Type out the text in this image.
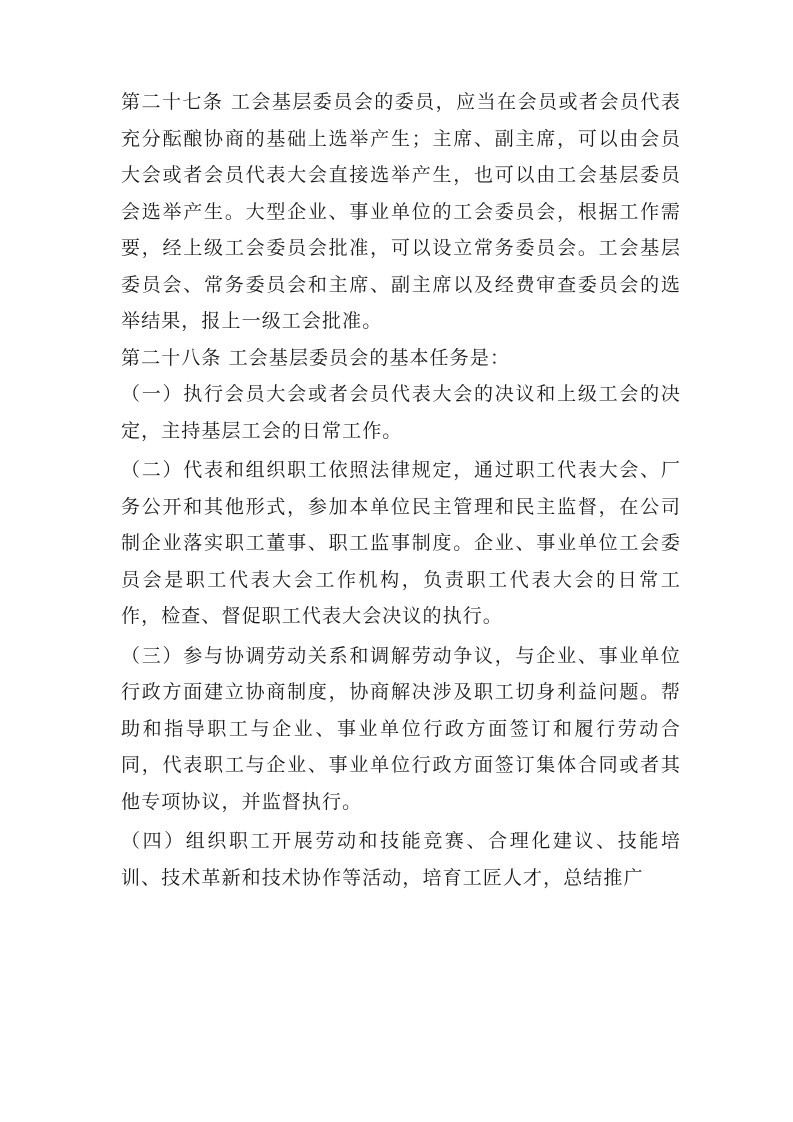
第二十七条 工会基层委员会的委员，应当在会员或者会员代表充分酝酿协商的基础上选举产生；主席、副主席，可以由会员大会或者会员代表大会直接选举产生，也可以由工会基层委员会选举产生。大型企业、事业单位的工会委员会，根据工作需要，经上级工会委员会批准，可以设立常务委员会。工会基层委员会、常务委员会和主席、副主席以及经费审查委员会的选举结果，报上一级工会批准。

第二十八条 工会基层委员会的基本任务是：

（一）执行会员大会或者会员代表大会的决议和上级工会的决定，主持基层工会的日常工作。

（二）代表和组织职工依照法律规定，通过职工代表大会、厂务公开和其他形式，参加本单位民主管理和民主监督，在公司制企业落实职工董事、职工监事制度。企业、事业单位工会委员会是职工代表大会工作机构，负责职工代表大会的日常工作，检查、督促职工代表大会决议的执行。

（三）参与协调劳动关系和调解劳动争议，与企业、事业单位行政方面建立协商制度，协商解决涉及职工切身利益问题。帮助和指导职工与企业、事业单位行政方面签订和履行劳动合同，代表职工与企业、事业单位行政方面签订集体合同或者其他专项协议，并监督执行。

（四）组织职工开展劳动和技能竞赛、合理化建议、技能培训、技术革新和技术协作等活动，培育工匠人才，总结推广
